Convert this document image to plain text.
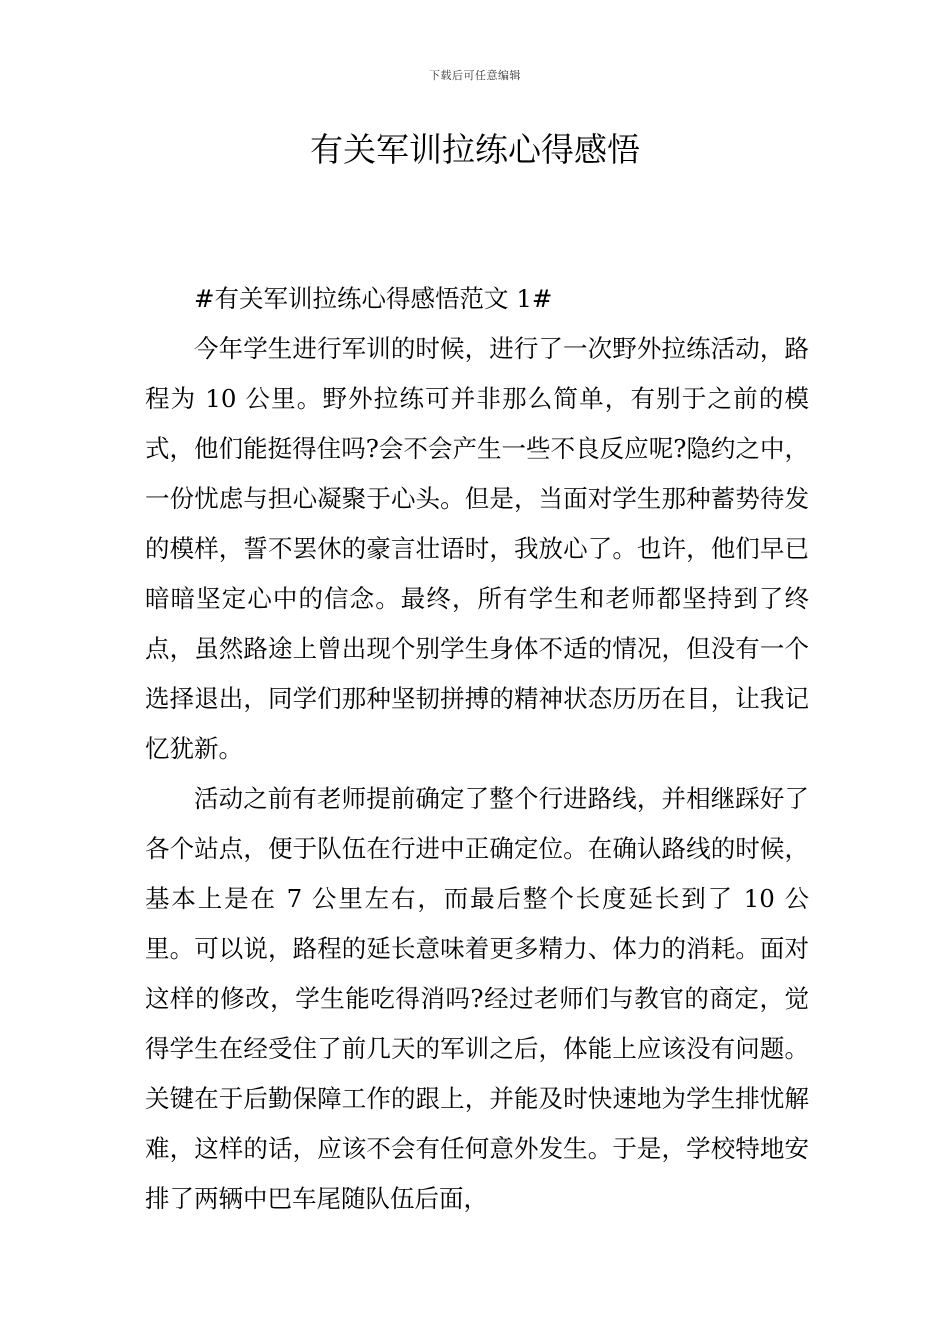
下载后可任意编辑
有关军训拉练心得感悟

#有关军训拉练心得感悟范文 1#

今年学生进行军训的时候，进行了一次野外拉练活动，路程为 10 公里。野外拉练可并非那么简单，有别于之前的模式，他们能挺得住吗?会不会产生一些不良反应呢?隐约之中，一份忧虑与担心凝聚于心头。但是，当面对学生那种蓄势待发的模样，誓不罢休的豪言壮语时，我放心了。也许，他们早已暗暗坚定心中的信念。最终，所有学生和老师都坚持到了终点，虽然路途上曾出现个别学生身体不适的情况，但没有一个选择退出，同学们那种坚韧拼搏的精神状态历历在目，让我记忆犹新。

活动之前有老师提前确定了整个行进路线，并相继踩好了各个站点，便于队伍在行进中正确定位。在确认路线的时候，基本上是在 7 公里左右，而最后整个长度延长到了 10 公里。可以说，路程的延长意味着更多精力、体力的消耗。面对这样的修改，学生能吃得消吗?经过老师们与教官的商定，觉得学生在经受住了前几天的军训之后，体能上应该没有问题。关键在于后勤保障工作的跟上，并能及时快速地为学生排忧解难，这样的话，应该不会有任何意外发生。于是，学校特地安排了两辆中巴车尾随队伍后面，
